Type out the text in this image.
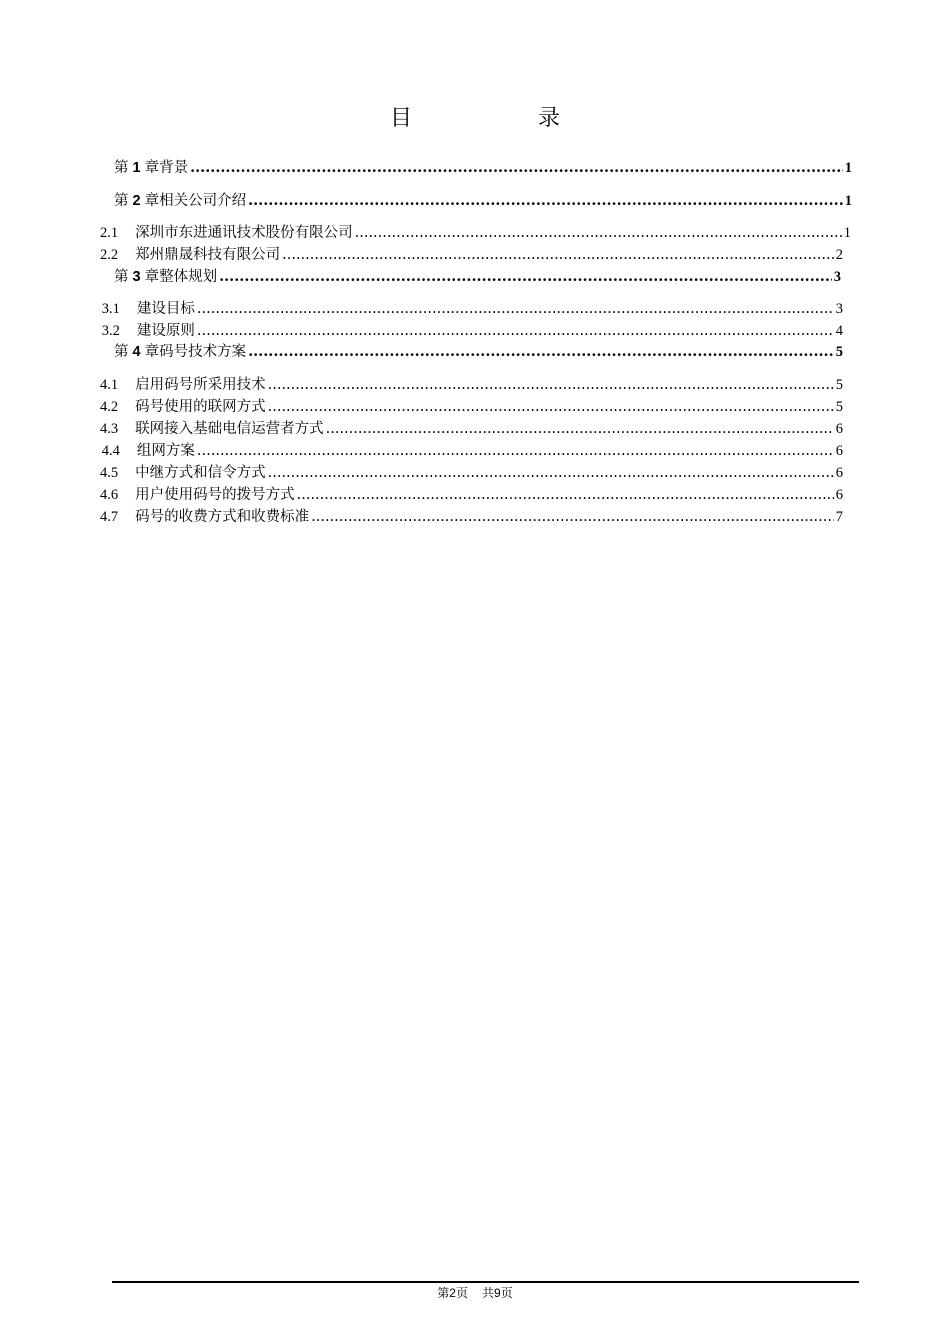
目　录
第 1 章 背景 .....	1
第 2 章 相关公司介绍 .....	1
2.1	深圳市东进通讯技术股份有限公司 .....	1
2.2	郑州鼎晟科技有限公司 .....	2
第 3 章 整体规划 .....	3
3.1	建设目标 .....	3
3.2	建设原则 .....	4
第 4 章 码号技术方案 .....	5
4.1	启用码号所采用技术 .....	5
4.2	码号使用的联网方式 .....	5
4.3	联网接入基础电信运营者方式 .....	6
4.4	组网方案 .....	6
4.5	中继方式和信令方式 .....	6
4.6	用户使用码号的拨号方式 .....	6
4.7	码号的收费方式和收费标准 .....	7
第2页 共9页
